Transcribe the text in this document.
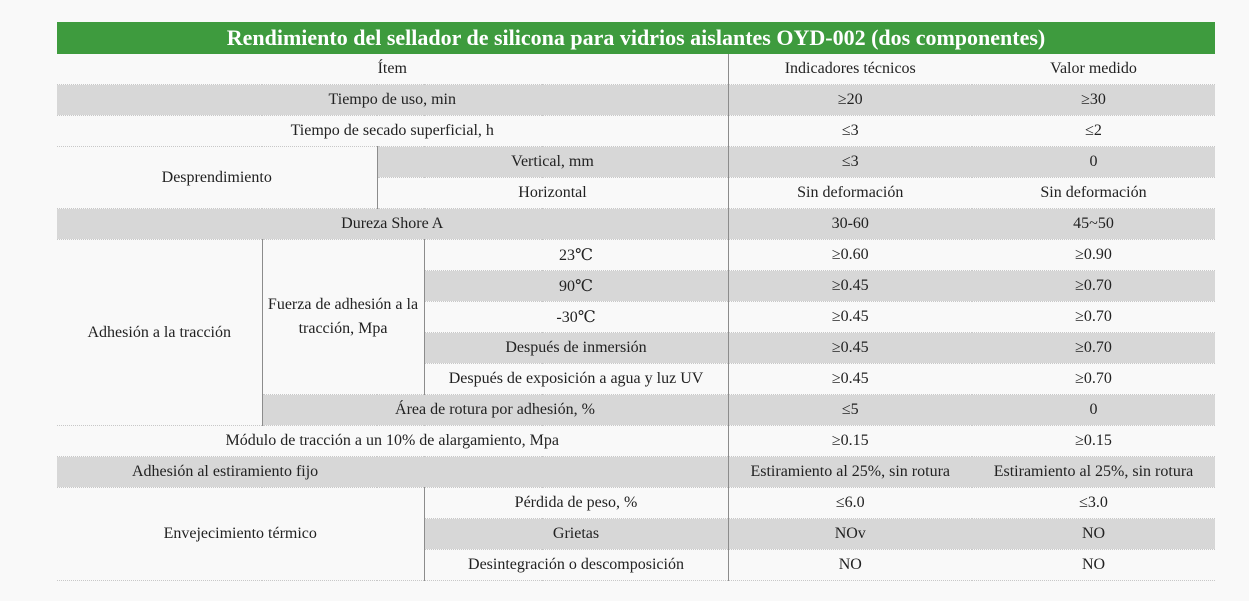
Rendimiento del sellador de silicona para vidrios aislantes OYD-002 (dos componentes)
Ítem				Indicadores técnicos	Valor medido
Tiempo de uso, min				≥20	≥30
Tiempo de secado superficial, h				≤3	≤2
Desprendimiento		Vertical, mm		≤3	0
		Horizontal		Sin deformación	Sin deformación
Dureza Shore A				30-60	45~50
Adhesión a la tracción	Fuerza de adhesión a la tracción, Mpa		23℃	≥0.60	≥0.90
			90℃	≥0.45	≥0.70
			-30℃	≥0.45	≥0.70
			Después de inmersión	≥0.45	≥0.70
			Después de exposición a agua y luz UV	≥0.45	≥0.70
	Área de rotura por adhesión, %			≤5	0
Módulo de tracción a un 10% de alargamiento, Mpa				≥0.15	≥0.15
Adhesión al estiramiento fijo				Estiramiento al 25%, sin rotura	Estiramiento al 25%, sin rotura
Envejecimiento térmico			Pérdida de peso, %	≤6.0	≤3.0
			Grietas	NOv	NO
			Desintegración o descomposición	NO	NO
